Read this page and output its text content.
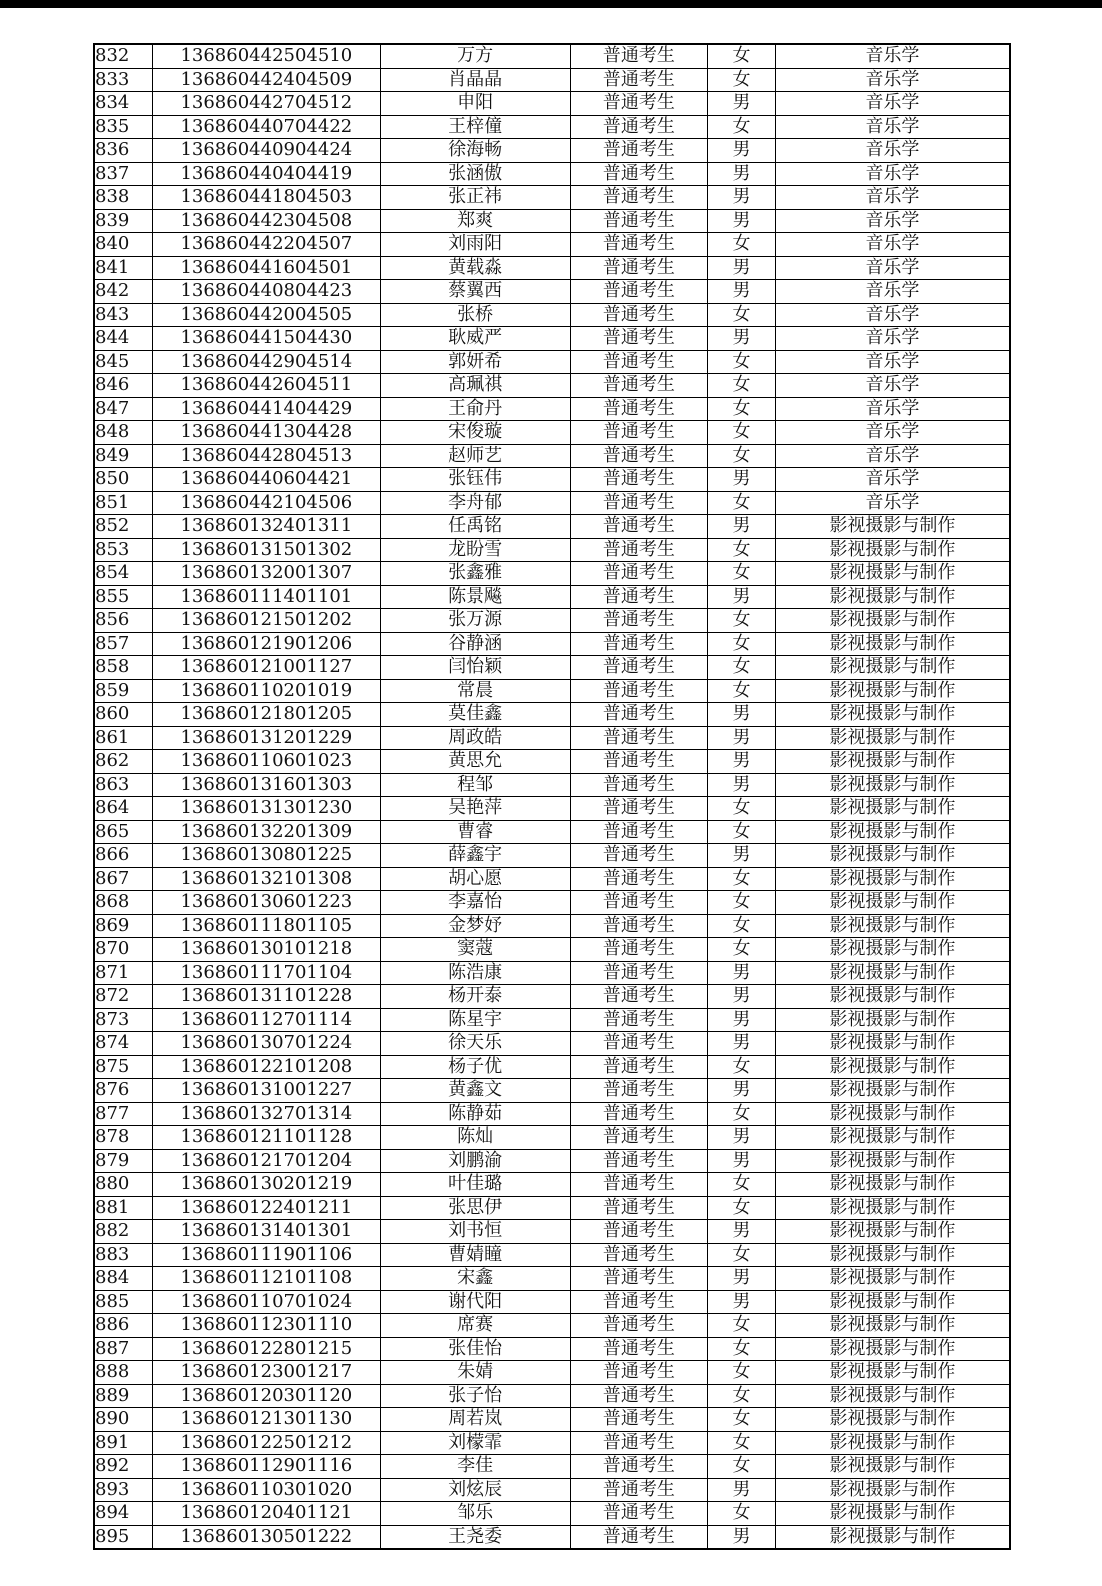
832	136860442504510	万方	普通考生	女	音乐学
833	136860442404509	肖晶晶	普通考生	女	音乐学
834	136860442704512	申阳	普通考生	男	音乐学
835	136860440704422	王梓僮	普通考生	女	音乐学
836	136860440904424	徐海畅	普通考生	男	音乐学
837	136860440404419	张涵傲	普通考生	男	音乐学
838	136860441804503	张正祎	普通考生	男	音乐学
839	136860442304508	郑爽	普通考生	男	音乐学
840	136860442204507	刘雨阳	普通考生	女	音乐学
841	136860441604501	黄载淼	普通考生	男	音乐学
842	136860440804423	蔡翼西	普通考生	男	音乐学
843	136860442004505	张桥	普通考生	女	音乐学
844	136860441504430	耿威严	普通考生	男	音乐学
845	136860442904514	郭妍希	普通考生	女	音乐学
846	136860442604511	高珮祺	普通考生	女	音乐学
847	136860441404429	王俞丹	普通考生	女	音乐学
848	136860441304428	宋俊璇	普通考生	女	音乐学
849	136860442804513	赵师艺	普通考生	女	音乐学
850	136860440604421	张钰伟	普通考生	男	音乐学
851	136860442104506	李舟郁	普通考生	女	音乐学
852	136860132401311	任禹铭	普通考生	男	影视摄影与制作
853	136860131501302	龙盼雪	普通考生	女	影视摄影与制作
854	136860132001307	张鑫雅	普通考生	女	影视摄影与制作
855	136860111401101	陈景飚	普通考生	男	影视摄影与制作
856	136860121501202	张万源	普通考生	女	影视摄影与制作
857	136860121901206	谷静涵	普通考生	女	影视摄影与制作
858	136860121001127	闫怡颖	普通考生	女	影视摄影与制作
859	136860110201019	常晨	普通考生	女	影视摄影与制作
860	136860121801205	莫佳鑫	普通考生	男	影视摄影与制作
861	136860131201229	周政皓	普通考生	男	影视摄影与制作
862	136860110601023	黄思允	普通考生	男	影视摄影与制作
863	136860131601303	程邹	普通考生	男	影视摄影与制作
864	136860131301230	吴艳萍	普通考生	女	影视摄影与制作
865	136860132201309	曹睿	普通考生	女	影视摄影与制作
866	136860130801225	薛鑫宇	普通考生	男	影视摄影与制作
867	136860132101308	胡心愿	普通考生	女	影视摄影与制作
868	136860130601223	李嘉怡	普通考生	女	影视摄影与制作
869	136860111801105	金梦妤	普通考生	女	影视摄影与制作
870	136860130101218	窦蔻	普通考生	女	影视摄影与制作
871	136860111701104	陈浩康	普通考生	男	影视摄影与制作
872	136860131101228	杨开泰	普通考生	男	影视摄影与制作
873	136860112701114	陈星宇	普通考生	男	影视摄影与制作
874	136860130701224	徐天乐	普通考生	男	影视摄影与制作
875	136860122101208	杨子优	普通考生	女	影视摄影与制作
876	136860131001227	黄鑫文	普通考生	男	影视摄影与制作
877	136860132701314	陈静茹	普通考生	女	影视摄影与制作
878	136860121101128	陈灿	普通考生	男	影视摄影与制作
879	136860121701204	刘鹏渝	普通考生	男	影视摄影与制作
880	136860130201219	叶佳璐	普通考生	女	影视摄影与制作
881	136860122401211	张思伊	普通考生	女	影视摄影与制作
882	136860131401301	刘书恒	普通考生	男	影视摄影与制作
883	136860111901106	曹婧瞳	普通考生	女	影视摄影与制作
884	136860112101108	宋鑫	普通考生	男	影视摄影与制作
885	136860110701024	谢代阳	普通考生	男	影视摄影与制作
886	136860112301110	席赛	普通考生	女	影视摄影与制作
887	136860122801215	张佳怡	普通考生	女	影视摄影与制作
888	136860123001217	朱婧	普通考生	女	影视摄影与制作
889	136860120301120	张子怡	普通考生	女	影视摄影与制作
890	136860121301130	周若岚	普通考生	女	影视摄影与制作
891	136860122501212	刘檬霏	普通考生	女	影视摄影与制作
892	136860112901116	李佳	普通考生	女	影视摄影与制作
893	136860110301020	刘炫辰	普通考生	男	影视摄影与制作
894	136860120401121	邹乐	普通考生	女	影视摄影与制作
895	136860130501222	王尧委	普通考生	男	影视摄影与制作
